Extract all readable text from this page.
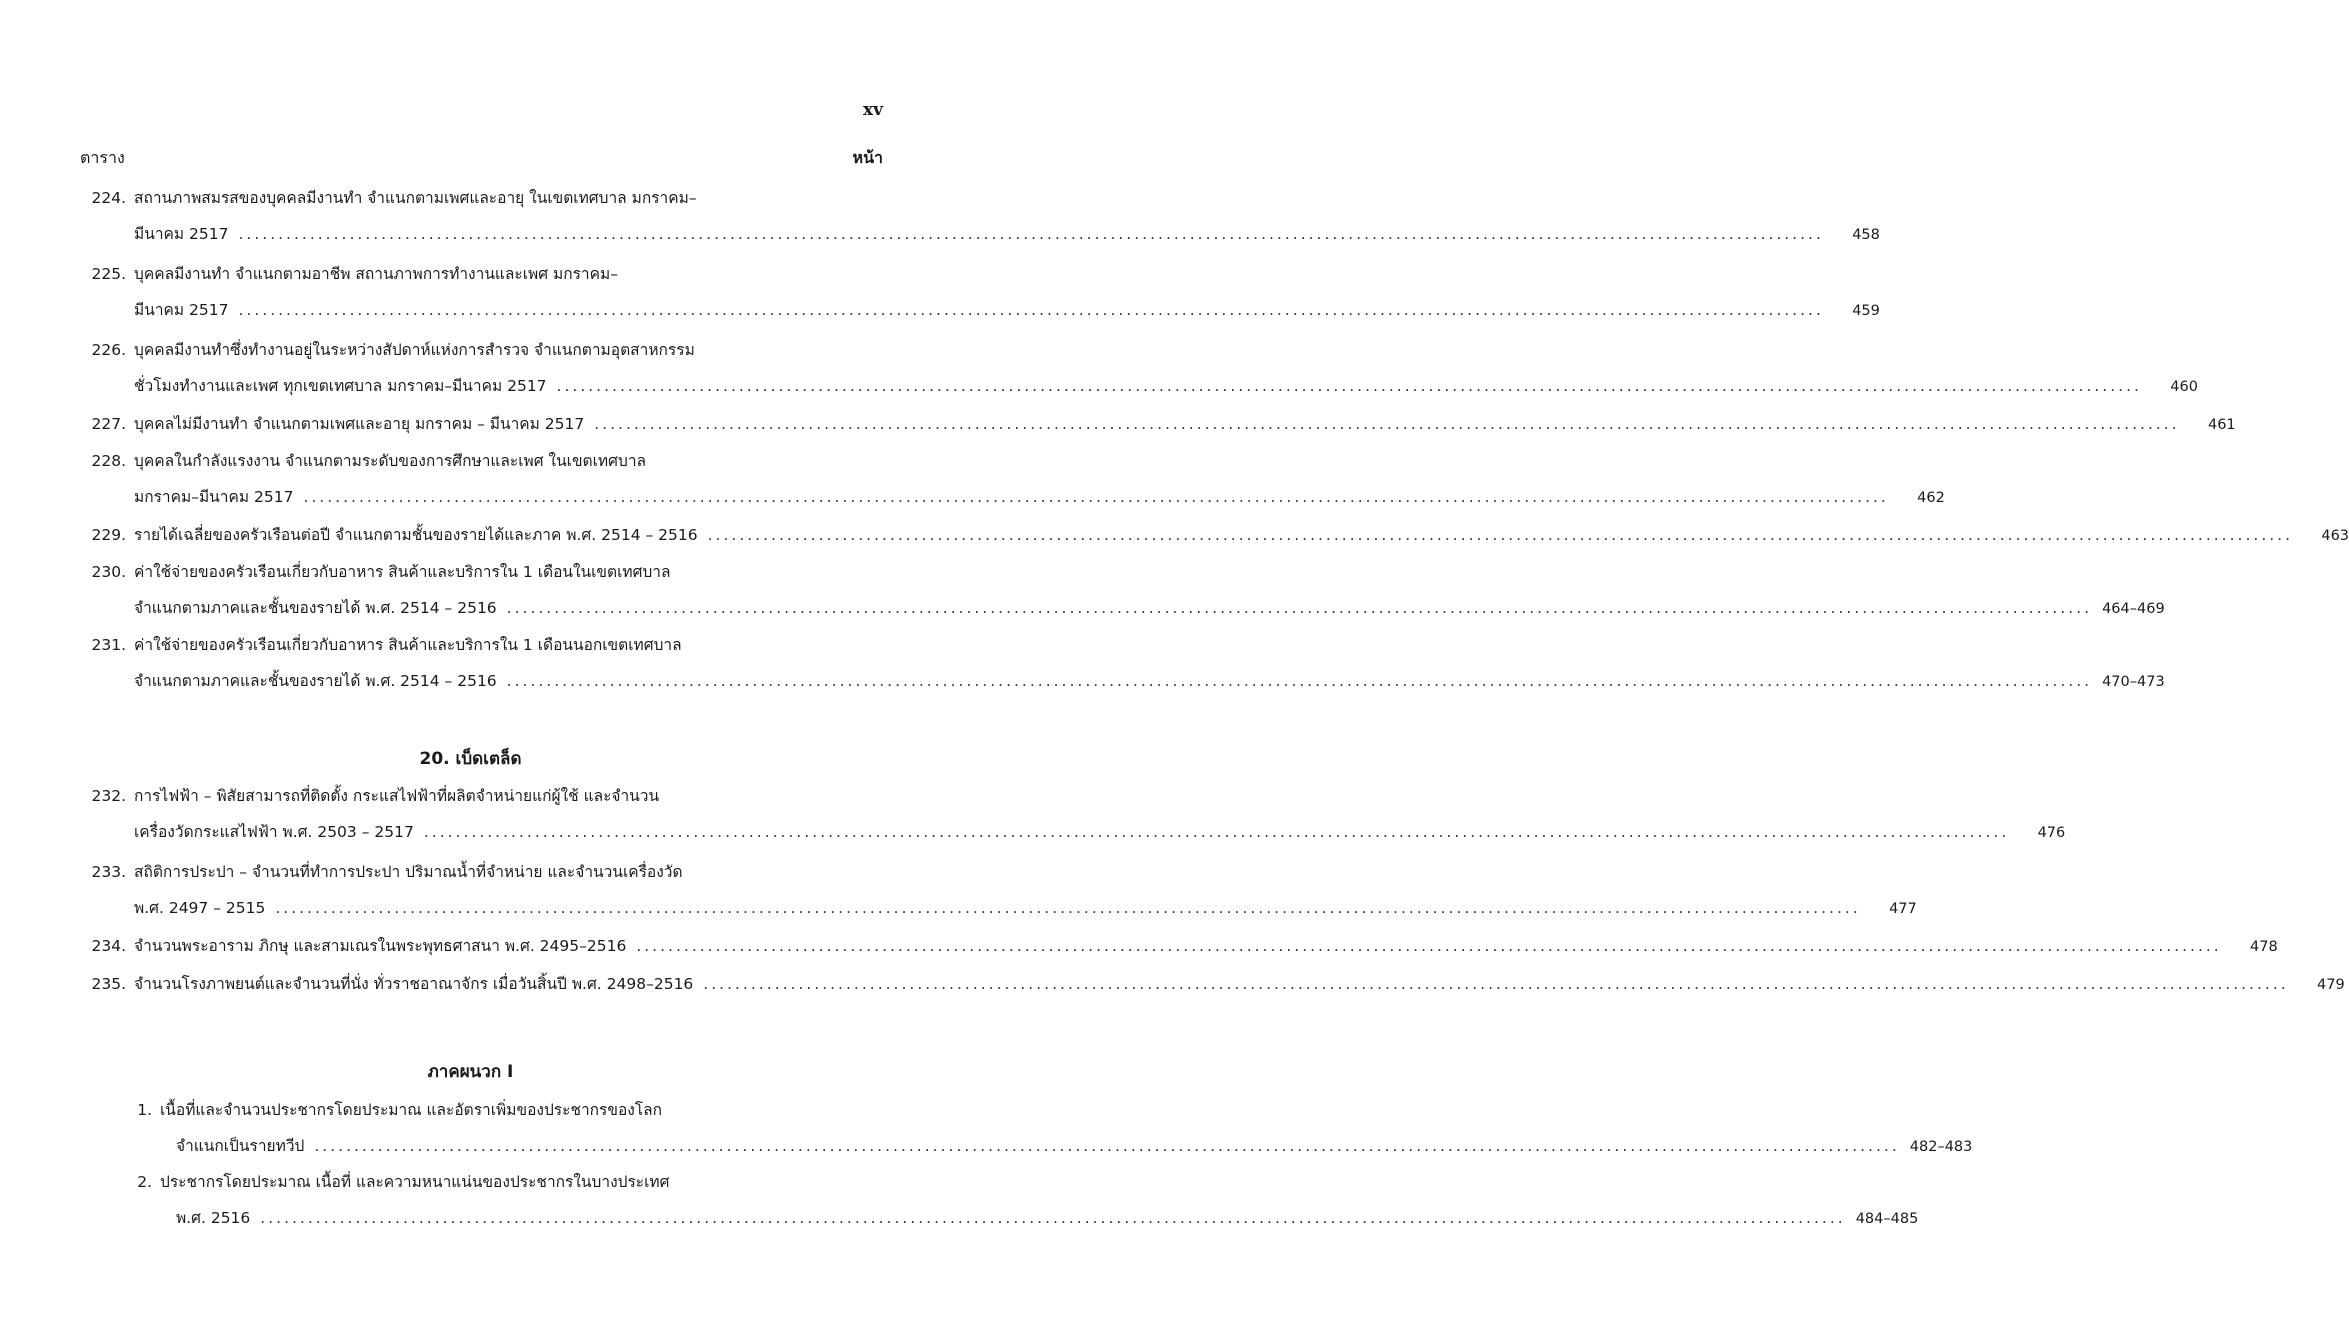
xv
ตาราง	หน้า
224. สถานภาพสมรสของบุคคลมีงานทำ จำแนกตามเพศและอายุ ในเขตเทศบาล มกราคม–
มีนาคม 2517 ........................................................................................................................................................................................................	458
225. บุคคลมีงานทำ จำแนกตามอาชีพ สถานภาพการทำงานและเพศ มกราคม–
มีนาคม 2517 ........................................................................................................................................................................................................	459
226. บุคคลมีงานทำซึ่งทำงานอยู่ในระหว่างสัปดาห์แห่งการสำรวจ จำแนกตามอุตสาหกรรม
ชั่วโมงทำงานและเพศ ทุกเขตเทศบาล มกราคม–มีนาคม 2517 ........................................................................................................................................................................................................	460
227. บุคคลไม่มีงานทำ จำแนกตามเพศและอายุ มกราคม – มีนาคม 2517 ........................................................................................................................................................................................................	461
228. บุคคลในกำลังแรงงาน จำแนกตามระดับของการศึกษาและเพศ ในเขตเทศบาล
มกราคม–มีนาคม 2517 ........................................................................................................................................................................................................	462
229. รายได้เฉลี่ยของครัวเรือนต่อปี จำแนกตามชั้นของรายได้และภาค พ.ศ. 2514 – 2516 ........................................................................................................................................................................................................	463
230. ค่าใช้จ่ายของครัวเรือนเกี่ยวกับอาหาร สินค้าและบริการใน 1 เดือนในเขตเทศบาล
จำแนกตามภาคและชั้นของรายได้ พ.ศ. 2514 – 2516 ........................................................................................................................................................................................................ 464–469
231. ค่าใช้จ่ายของครัวเรือนเกี่ยวกับอาหาร สินค้าและบริการใน 1 เดือนนอกเขตเทศบาล
จำแนกตามภาคและชั้นของรายได้ พ.ศ. 2514 – 2516 ........................................................................................................................................................................................................ 470–473
20. เบ็ดเตล็ด
232. การไฟฟ้า – พิสัยสามารถที่ติดตั้ง กระแสไฟฟ้าที่ผลิตจำหน่ายแก่ผู้ใช้ และจำนวน
เครื่องวัดกระแสไฟฟ้า พ.ศ. 2503 – 2517 ........................................................................................................................................................................................................	476
233. สถิติการประปา – จำนวนที่ทำการประปา ปริมาณน้ำที่จำหน่าย และจำนวนเครื่องวัด
พ.ศ. 2497 – 2515 ........................................................................................................................................................................................................	477
234. จำนวนพระอาราม ภิกษุ และสามเณรในพระพุทธศาสนา พ.ศ. 2495–2516 ........................................................................................................................................................................................................	478
235. จำนวนโรงภาพยนต์และจำนวนที่นั่ง ทั่วราชอาณาจักร เมื่อวันสิ้นปี พ.ศ. 2498–2516 ........................................................................................................................................................................................................	479
ภาคผนวก I
1. เนื้อที่และจำนวนประชากรโดยประมาณ และอัตราเพิ่มของประชากรของโลก
จำแนกเป็นรายทวีป ........................................................................................................................................................................................................ 482–483
2. ประชากรโดยประมาณ เนื้อที่ และความหนาแน่นของประชากรในบางประเทศ
พ.ศ. 2516 ........................................................................................................................................................................................................ 484–485
